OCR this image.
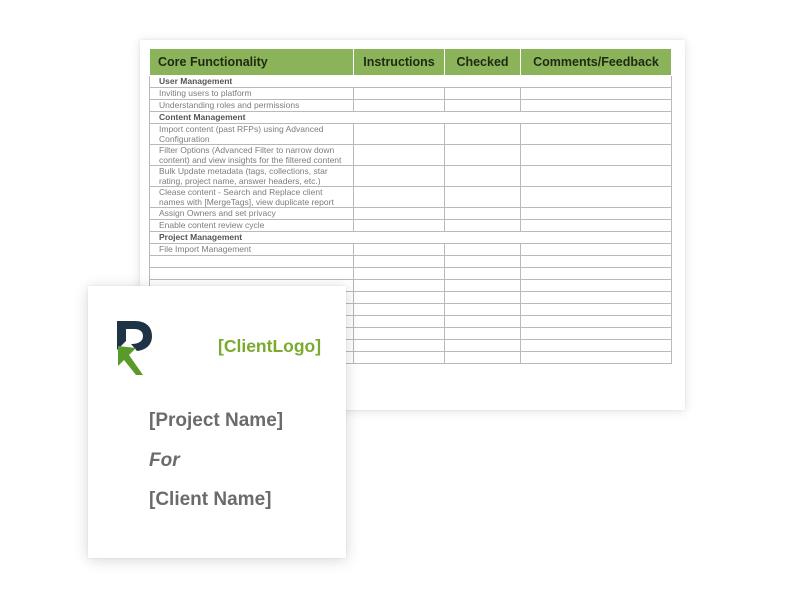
Core Functionality	Instructions	Checked	Comments/Feedback
User Management			
Inviting users to platform			
Understanding roles and permissions			
Content Management			
Import content (past RFPs) using Advanced Configuration			
Filter Options (Advanced Filter to narrow down content) and view insights for the filtered content			
Bulk Update metadata (tags, collections, star rating, project name, answer headers, etc.)			
Clease content - Search and Replace client names with [MergeTags], view duplicate report			
Assign Owners and set privacy			
Enable content review cycle			
Project Management			
File Import Management			

[ClientLogo]
[Project Name]
For
[Client Name]
